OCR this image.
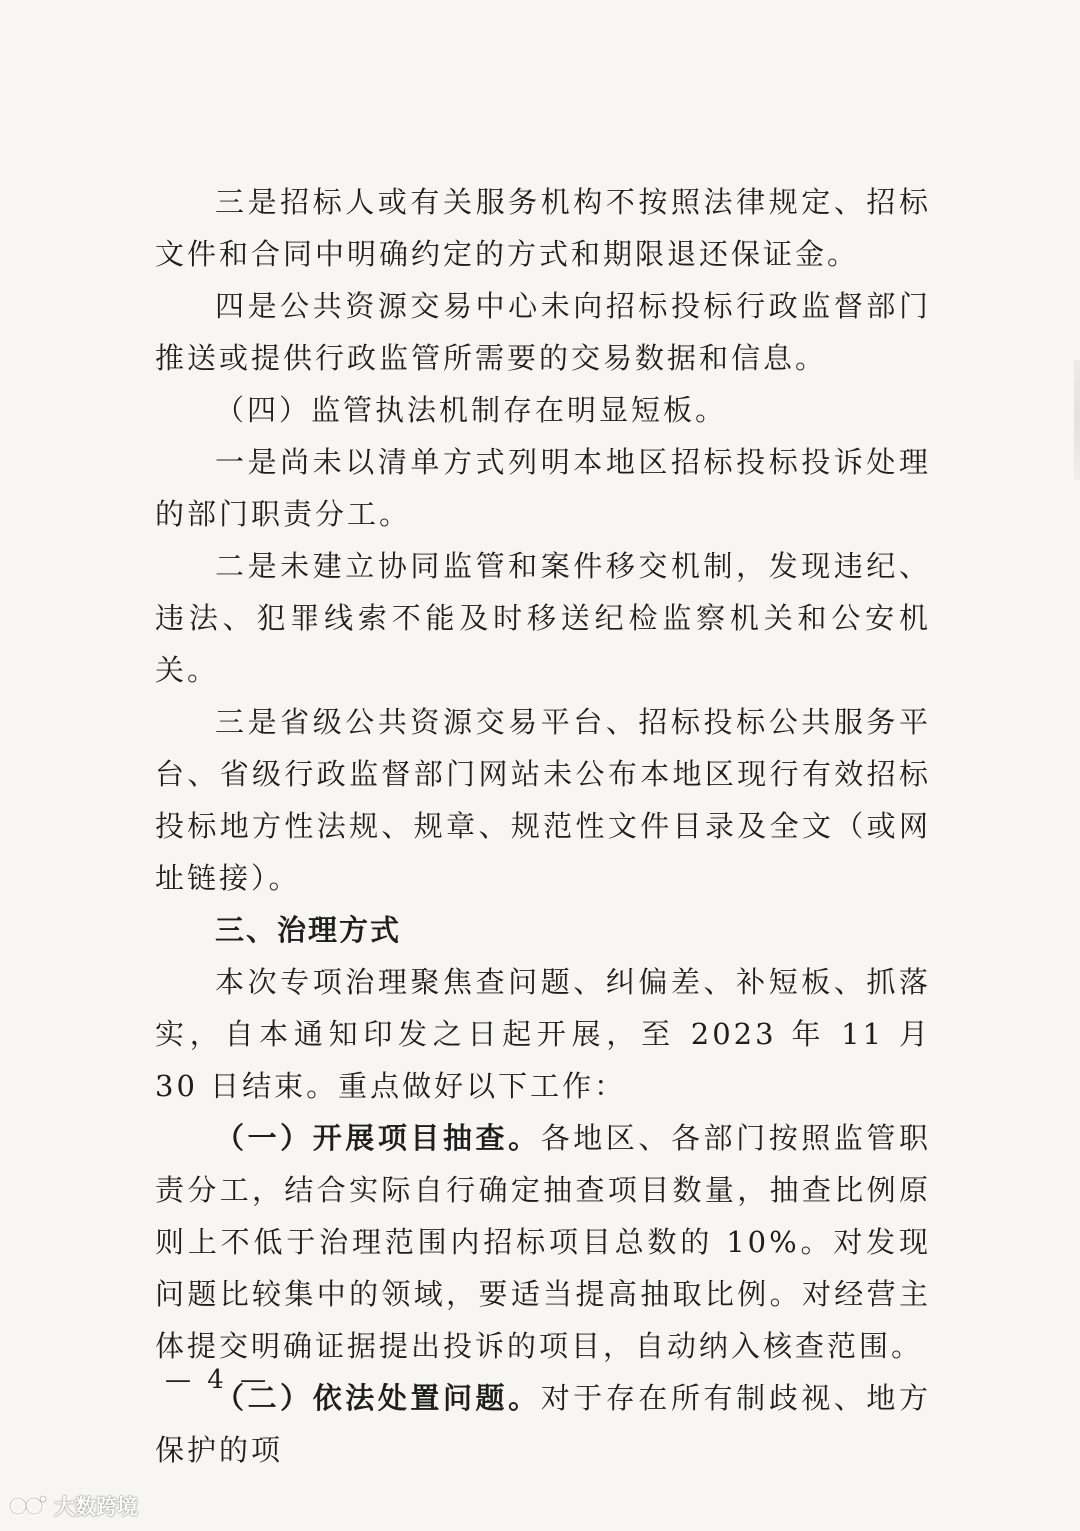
三是招标人或有关服务机构不按照法律规定、招标文件和合同中明确约定的方式和期限退还保证金。

四是公共资源交易中心未向招标投标行政监督部门推送或提供行政监管所需要的交易数据和信息。

（四）监管执法机制存在明显短板。

一是尚未以清单方式列明本地区招标投标投诉处理的部门职责分工。

二是未建立协同监管和案件移交机制，发现违纪、违法、犯罪线索不能及时移送纪检监察机关和公安机关。

三是省级公共资源交易平台、招标投标公共服务平台、省级行政监督部门网站未公布本地区现行有效招标投标地方性法规、规章、规范性文件目录及全文（或网址链接）。

三、治理方式

本次专项治理聚焦查问题、纠偏差、补短板、抓落实，自本通知印发之日起开展，至 2023 年 11 月 30 日结束。重点做好以下工作：

（一）开展项目抽查。各地区、各部门按照监管职责分工，结合实际自行确定抽查项目数量，抽查比例原则上不低于治理范围内招标项目总数的 10%。对发现问题比较集中的领域，要适当提高抽取比例。对经营主体提交明确证据提出投诉的项目，自动纳入核查范围。

（二）依法处置问题。对于存在所有制歧视、地方保护的项

— 4 —
大数跨境
